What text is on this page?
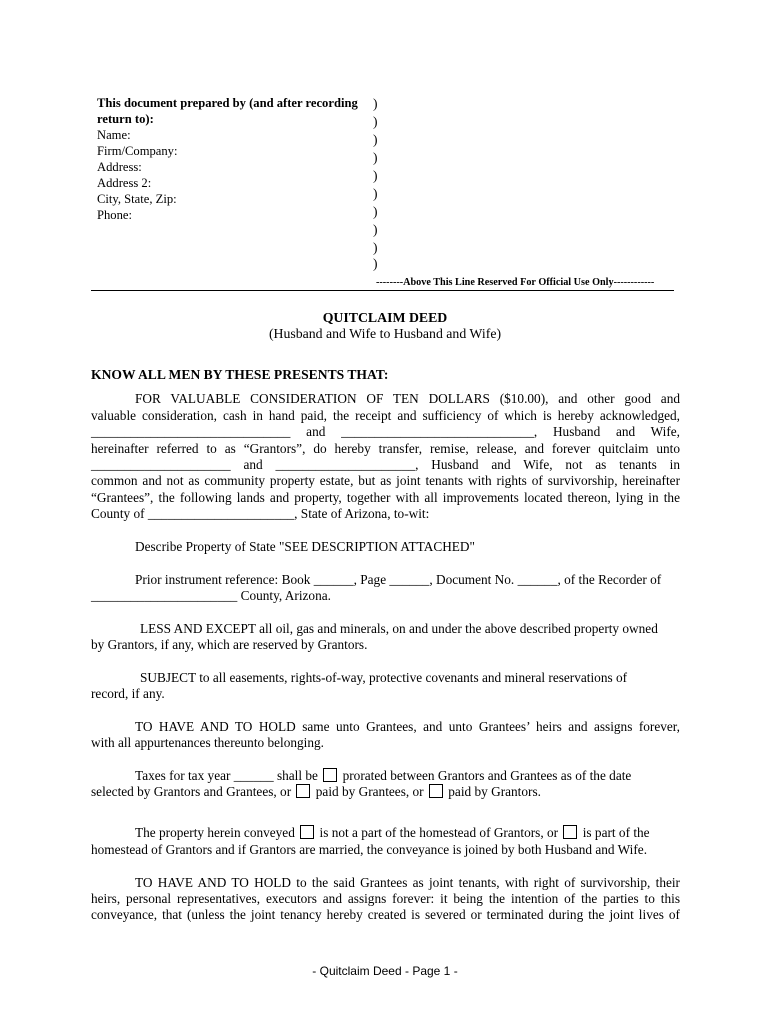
This document prepared by (and after recording
return to):
Name:
Firm/Company:
Address:
Address 2:
City, State, Zip:
Phone:
)
)
)
)
)
)
)
)
)
)
--------Above This Line Reserved For Official Use Only------------
QUITCLAIM DEED
(Husband and Wife to Husband and Wife)
KNOW ALL MEN BY THESE PRESENTS THAT:
FOR VALUABLE CONSIDERATION OF TEN DOLLARS ($10.00), and other good and
valuable consideration, cash in hand paid, the receipt and sufficiency of which is hereby acknowledged,
______________________________ and _____________________________, Husband and Wife,
hereinafter referred to as “Grantors”, do hereby transfer, remise, release, and forever quitclaim unto
_____________________ and _____________________, Husband and Wife, not as tenants in
common and not as community property estate, but as joint tenants with rights of survivorship, hereinafter
“Grantees”, the following lands and property, together with all improvements located thereon, lying in the
County of ______________________, State of Arizona, to-wit:
Describe Property of State "SEE DESCRIPTION ATTACHED"
Prior instrument reference: Book ______, Page ______, Document No. ______, of the Recorder of
______________________ County, Arizona.
LESS AND EXCEPT all oil, gas and minerals, on and under the above described property owned
by Grantors, if any, which are reserved by Grantors.
SUBJECT to all easements, rights-of-way, protective covenants and mineral reservations of
record, if any.
TO HAVE AND TO HOLD same unto Grantees, and unto Grantees’ heirs and assigns forever,
with all appurtenances thereunto belonging.
Taxes for tax year ______ shall be prorated between Grantors and Grantees as of the date
selected by Grantors and Grantees, or paid by Grantees, or paid by Grantors.
The property herein conveyed is not a part of the homestead of Grantors, or is part of the
homestead of Grantors and if Grantors are married, the conveyance is joined by both Husband and Wife.
TO HAVE AND TO HOLD to the said Grantees as joint tenants, with right of survivorship, their
heirs, personal representatives, executors and assigns forever: it being the intention of the parties to this
conveyance, that (unless the joint tenancy hereby created is severed or terminated during the joint lives of
- Quitclaim Deed - Page 1 -
